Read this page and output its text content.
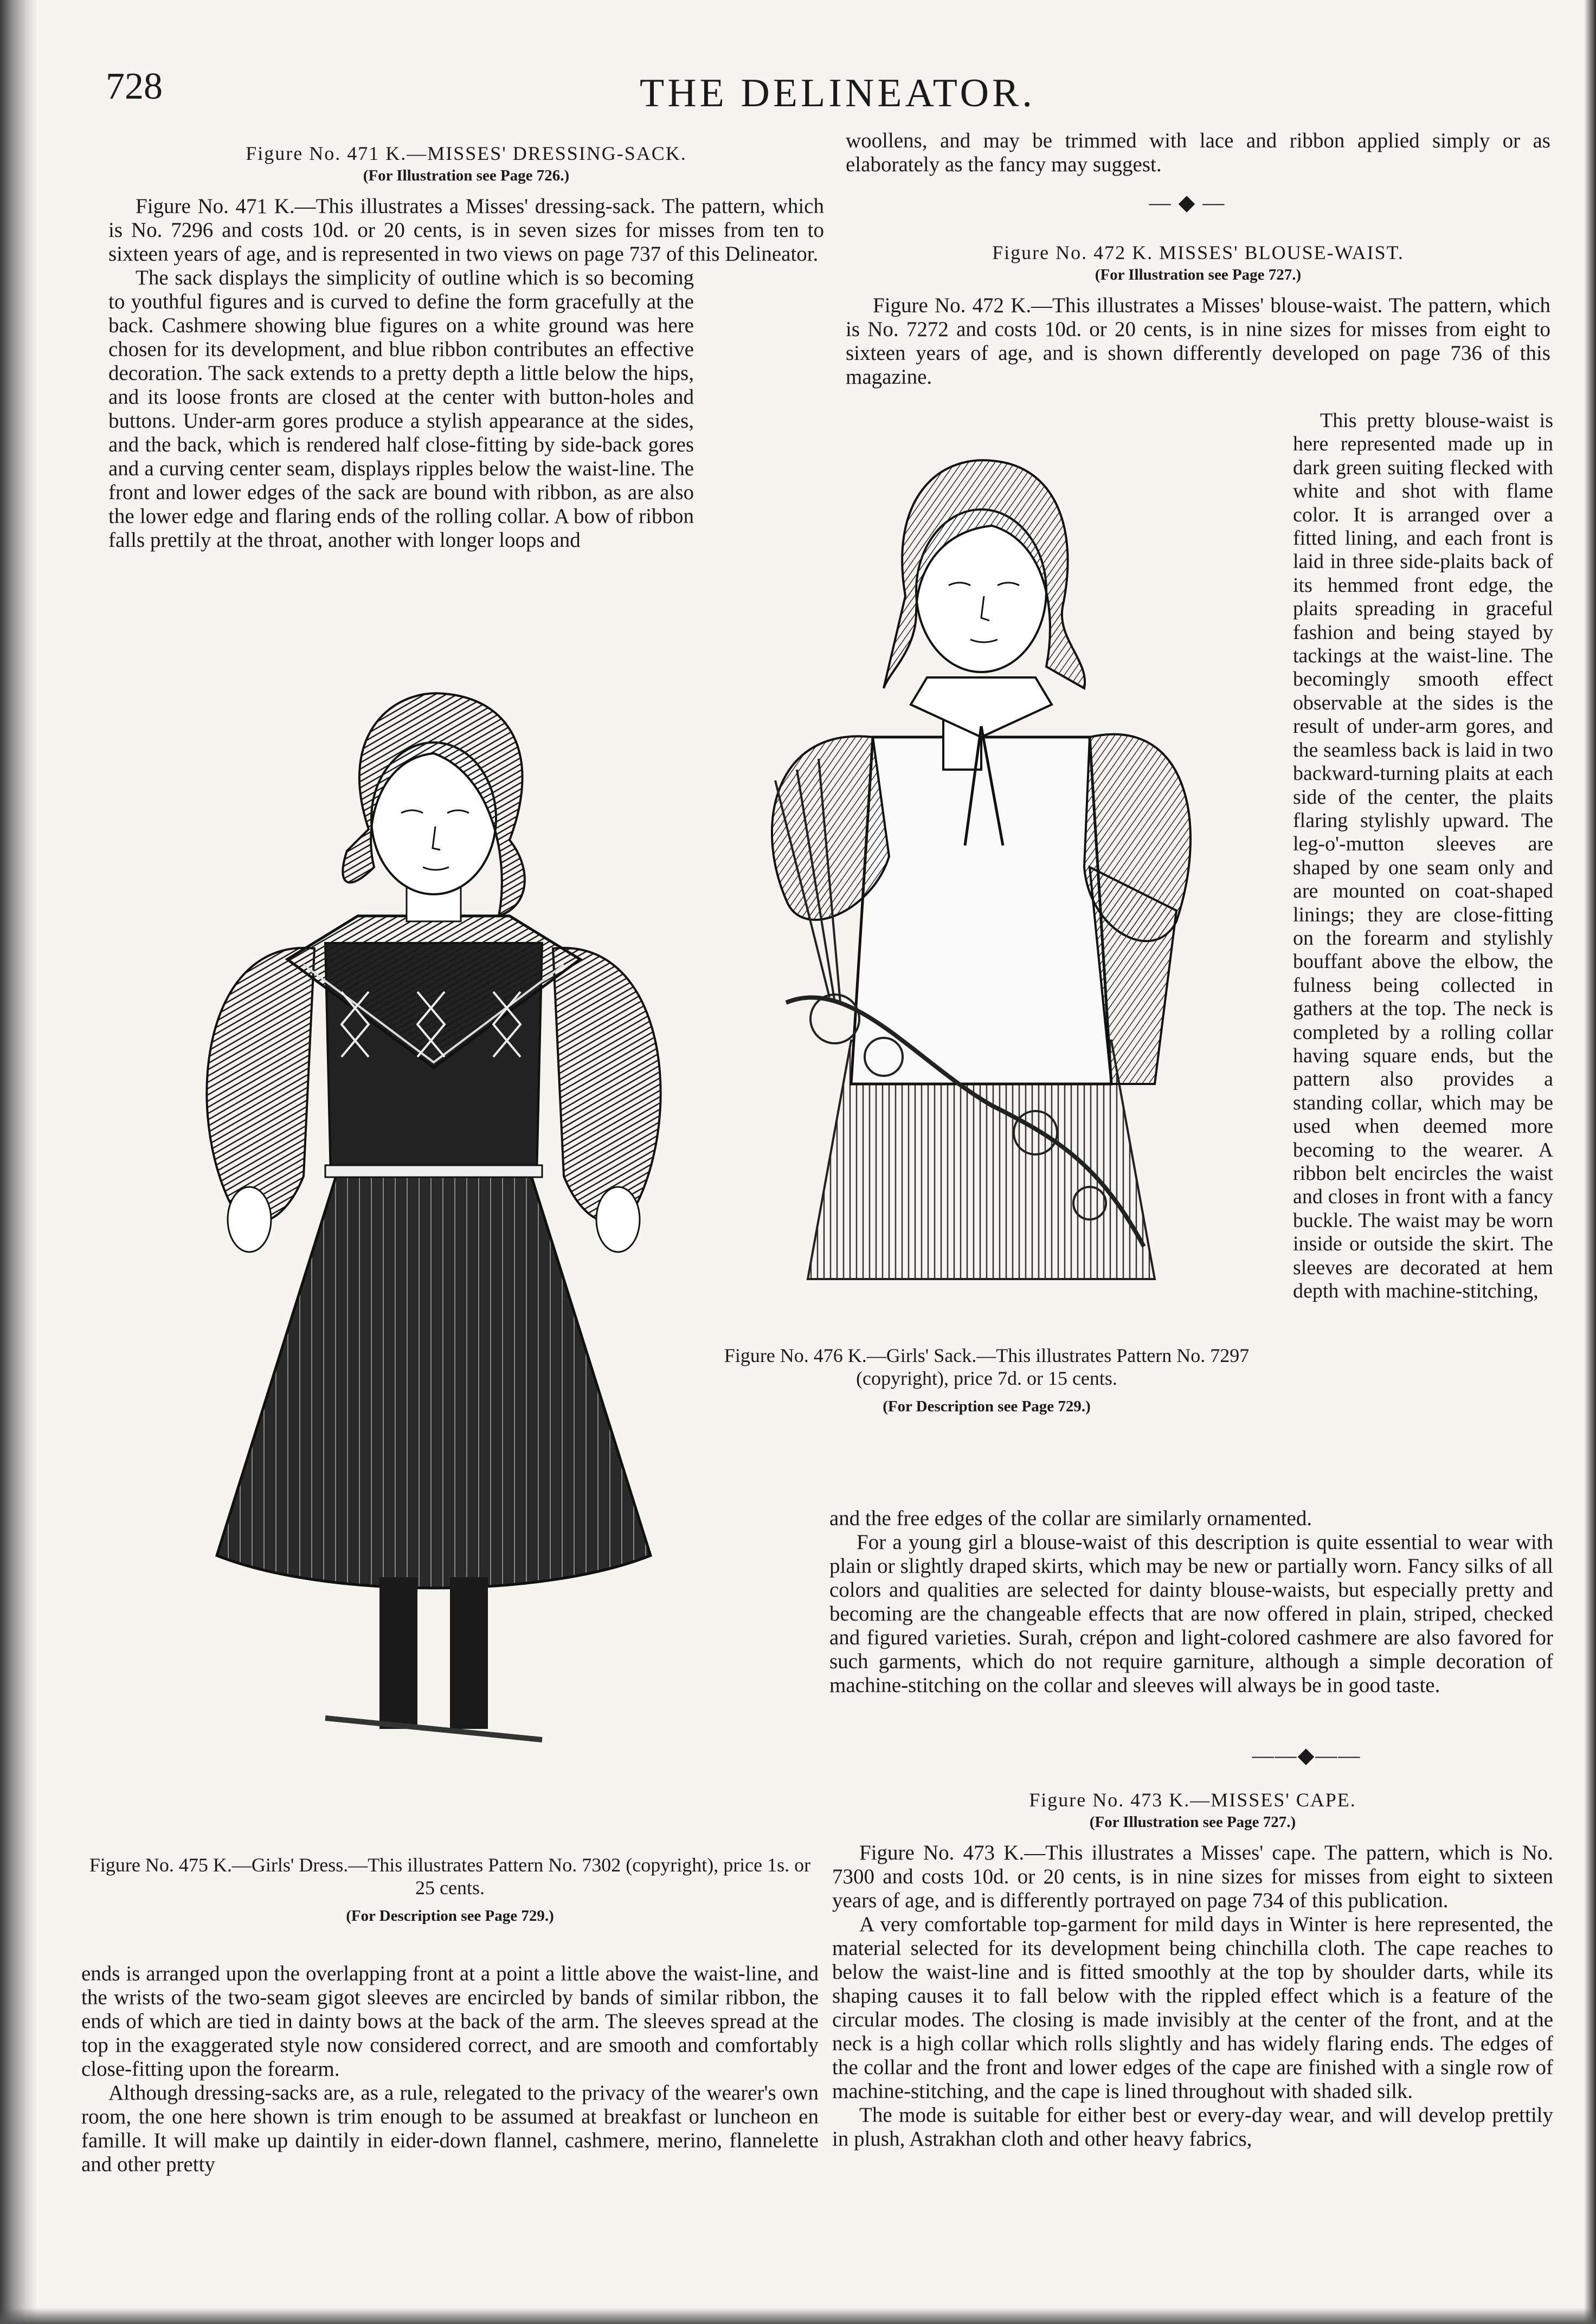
728	THE DELINEATOR.
Figure No. 471 K.—MISSES' DRESSING-SACK.
(For Illustration see Page 726.)

Figure No. 471 K.—This illustrates a Misses' dressing-sack. The pattern, which is No. 7296 and costs 10d. or 20 cents, is in seven sizes for misses from ten to sixteen years of age, and is represented in two views on page 737 of this Delineator.

The sack displays the simplicity of outline which is so becoming to youthful figures and is curved to define the form gracefully at the back. Cashmere showing blue figures on a white ground was here chosen for its development, and blue ribbon contributes an effective decoration. The sack extends to a pretty depth a little below the hips, and its loose fronts are closed at the center with button-holes and buttons. Under-arm gores produce a stylish appearance at the sides, and the back, which is rendered half close-fitting by side-back gores and a curving center seam, displays ripples below the waist-line. The front and lower edges of the sack are bound with ribbon, as are also the lower edge and flaring ends of the rolling collar. A bow of ribbon falls prettily at the throat, another with longer loops and

woollens, and may be trimmed with lace and ribbon applied simply or as elaborately as the fancy may suggest.

— ◆ —
Figure No. 472 K. MISSES' BLOUSE-WAIST.
(For Illustration see Page 727.)

Figure No. 472 K.—This illustrates a Misses' blouse-waist. The pattern, which is No. 7272 and costs 10d. or 20 cents, is in nine sizes for misses from eight to sixteen years of age, and is shown differently developed on page 736 of this magazine.

This pretty blouse-waist is here represented made up in dark green suiting flecked with white and shot with flame color. It is arranged over a fitted lining, and each front is laid in three side-plaits back of its hemmed front edge, the plaits spreading in graceful fashion and being stayed by tackings at the waist-line. The becomingly smooth effect observable at the sides is the result of under-arm gores, and the seamless back is laid in two backward-turning plaits at each side of the center, the plaits flaring stylishly upward. The leg-o'-mutton sleeves are shaped by one seam only and are mounted on coat-shaped linings; they are close-fitting on the forearm and stylishly bouffant above the elbow, the fulness being collected in gathers at the top. The neck is completed by a rolling collar having square ends, but the pattern also provides a standing collar, which may be used when deemed more becoming to the wearer. A ribbon belt encircles the waist and closes in front with a fancy buckle. The waist may be worn inside or outside the skirt. The sleeves are decorated at hem depth with machine-stitching,

Figure No. 476 K.—Girls' Sack.—This illustrates Pattern No. 7297 (copyright), price 7d. or 15 cents.
(For Description see Page 729.)

and the free edges of the collar are similarly ornamented.

For a young girl a blouse-waist of this description is quite essential to wear with plain or slightly draped skirts, which may be new or partially worn. Fancy silks of all colors and qualities are selected for dainty blouse-waists, but especially pretty and becoming are the changeable effects that are now offered in plain, striped, checked and figured varieties. Surah, crépon and light-colored cashmere are also favored for such garments, which do not require garniture, although a simple decoration of machine-stitching on the collar and sleeves will always be in good taste.

——◆——
Figure No. 473 K.—MISSES' CAPE.
(For Illustration see Page 727.)

Figure No. 473 K.—This illustrates a Misses' cape. The pattern, which is No. 7300 and costs 10d. or 20 cents, is in nine sizes for misses from eight to sixteen years of age, and is differently portrayed on page 734 of this publication.

A very comfortable top-garment for mild days in Winter is here represented, the material selected for its development being chinchilla cloth. The cape reaches to below the waist-line and is fitted smoothly at the top by shoulder darts, while its shaping causes it to fall below with the rippled effect which is a feature of the circular modes. The closing is made invisibly at the center of the front, and at the neck is a high collar which rolls slightly and has widely flaring ends. The edges of the collar and the front and lower edges of the cape are finished with a single row of machine-stitching, and the cape is lined throughout with shaded silk.

The mode is suitable for either best or every-day wear, and will develop prettily in plush, Astrakhan cloth and other heavy fabrics,

Figure No. 475 K.—Girls' Dress.—This illustrates Pattern No. 7302 (copyright), price 1s. or 25 cents.
(For Description see Page 729.)

ends is arranged upon the overlapping front at a point a little above the waist-line, and the wrists of the two-seam gigot sleeves are encircled by bands of similar ribbon, the ends of which are tied in dainty bows at the back of the arm. The sleeves spread at the top in the exaggerated style now considered correct, and are smooth and comfortably close-fitting upon the forearm.

Although dressing-sacks are, as a rule, relegated to the privacy of the wearer's own room, the one here shown is trim enough to be assumed at breakfast or luncheon en famille. It will make up daintily in eider-down flannel, cashmere, merino, flannelette and other pretty
